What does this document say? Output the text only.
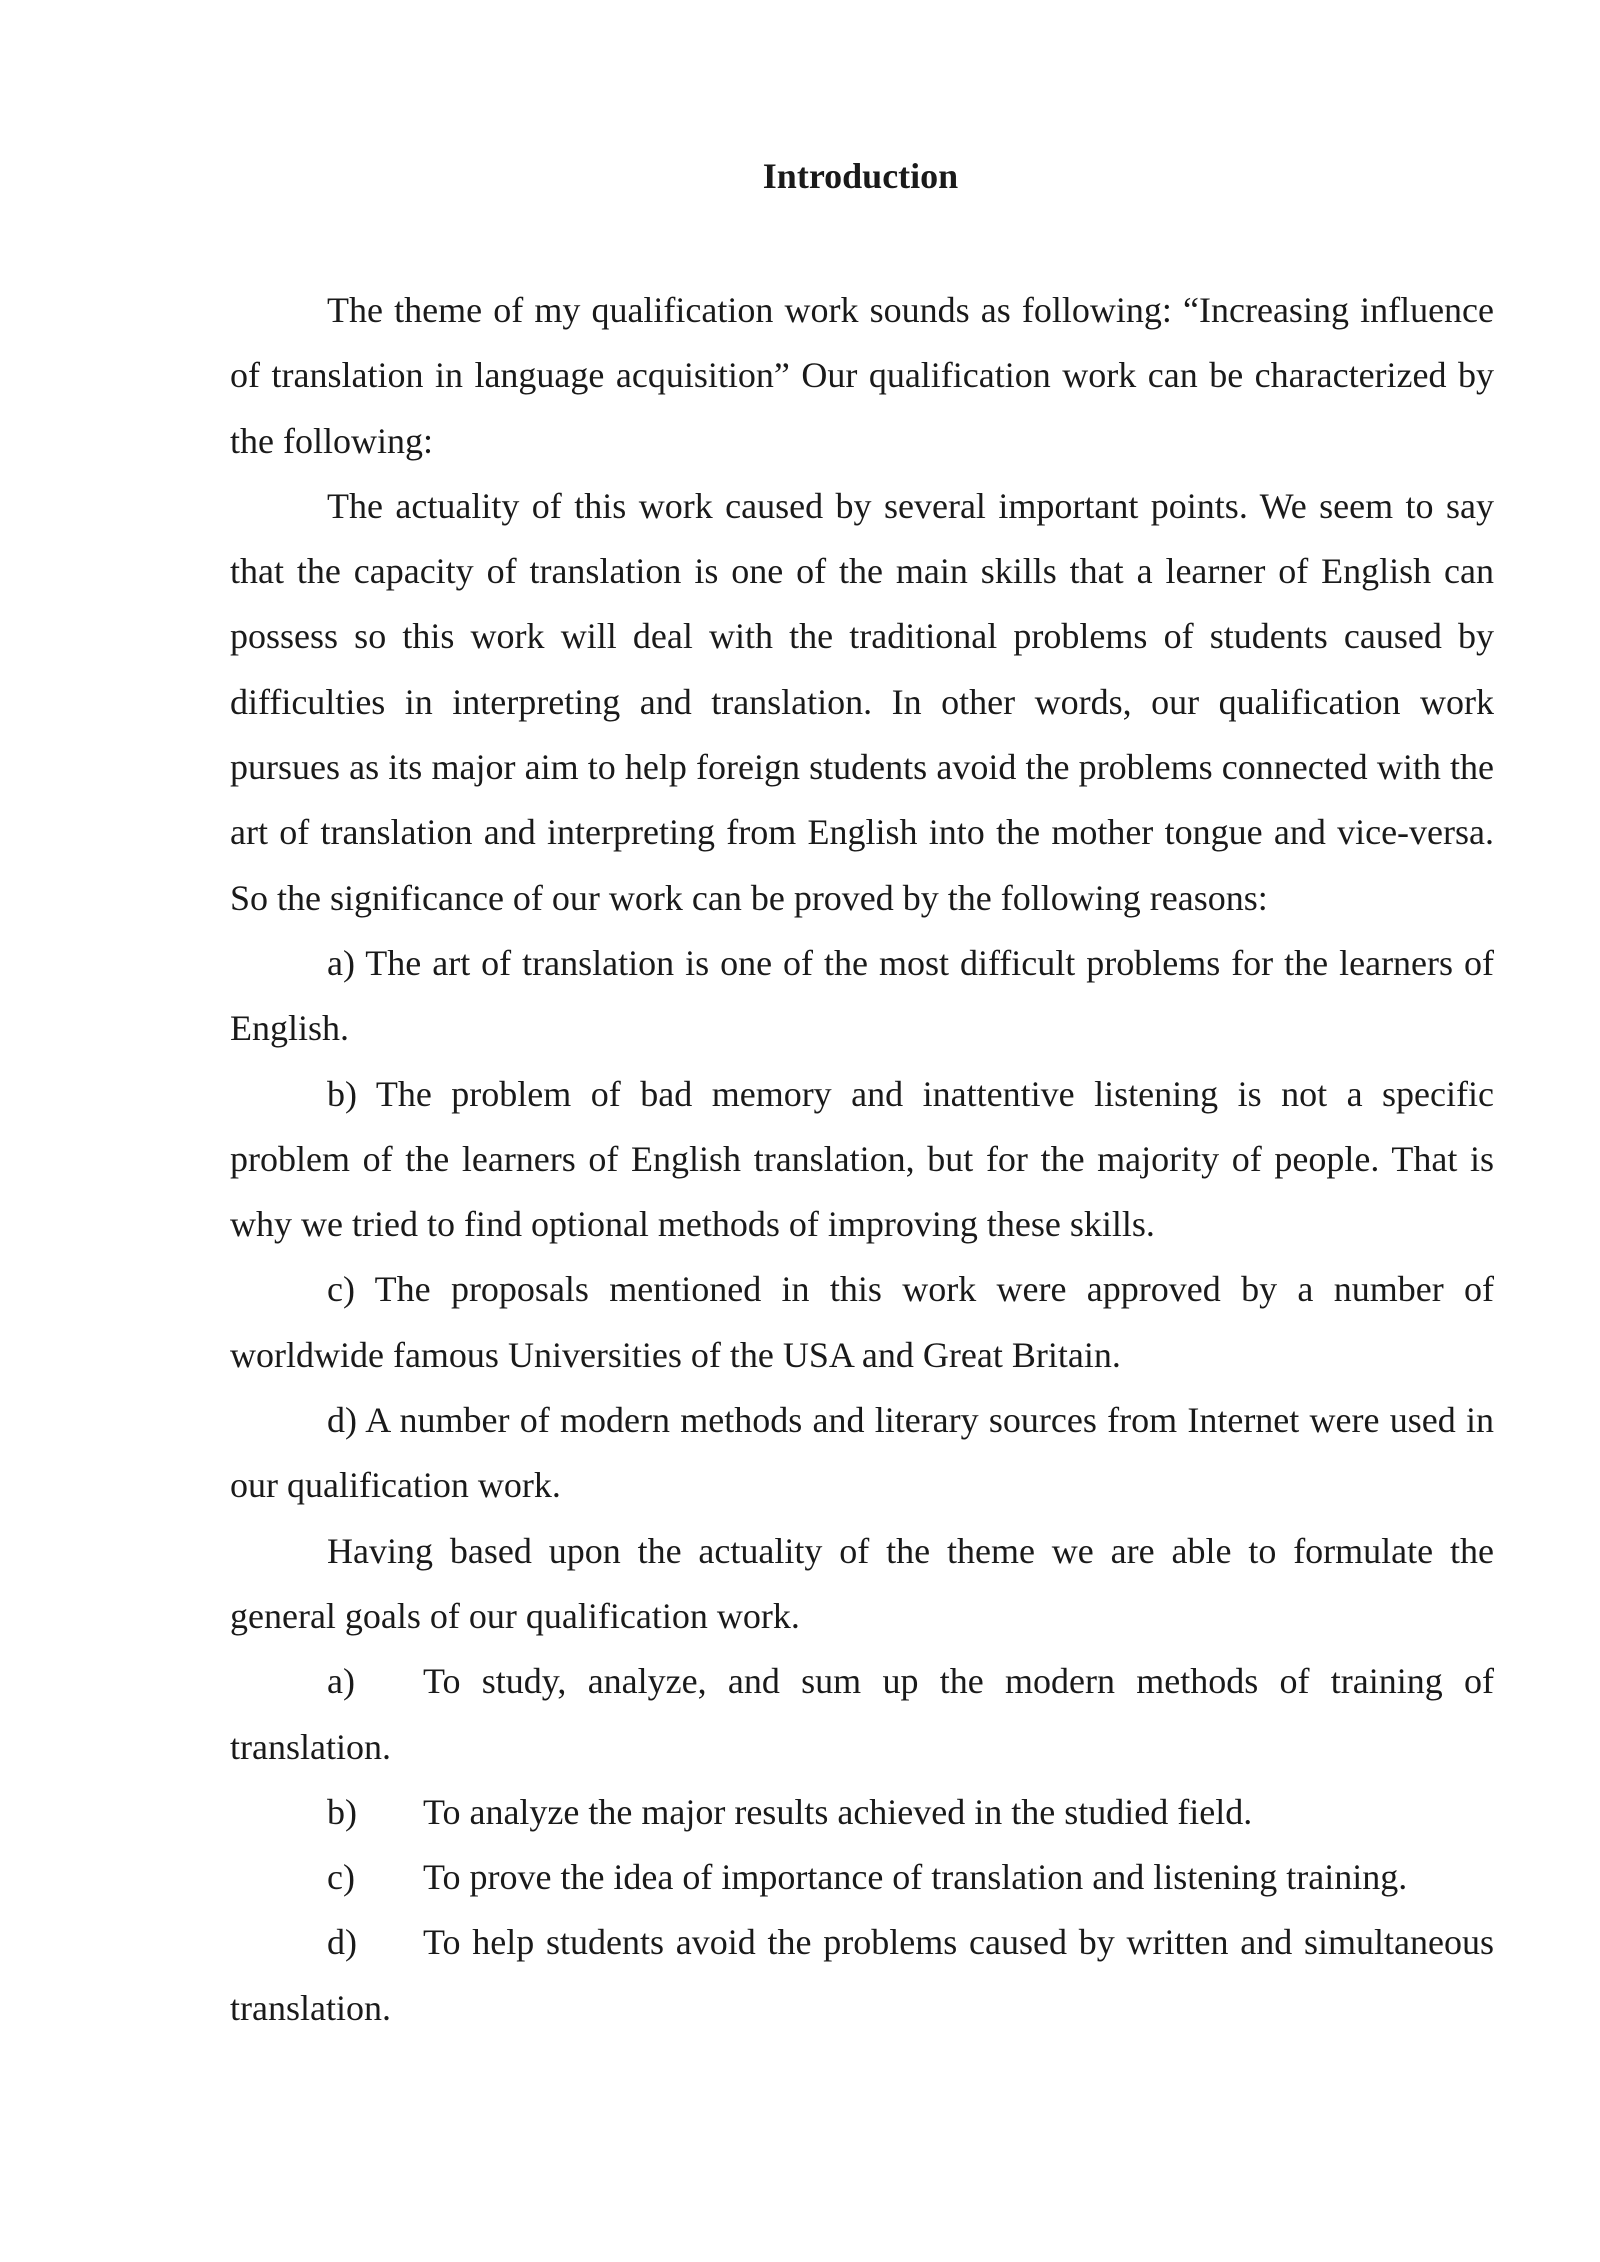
Introduction

The theme of my qualification work sounds as following: “Increasing influence of translation in language acquisition” Our qualification work can be characterized by the following:

The actuality of this work caused by several important points. We seem to say that the capacity of translation is one of the main skills that a learner of English can possess so this work will deal with the traditional problems of students caused by difficulties in interpreting and translation. In other words, our qualification work pursues as its major aim to help foreign students avoid the problems connected with the art of translation and interpreting from English into the mother tongue and vice-versa. So the significance of our work can be proved by the following reasons:

a) The art of translation is one of the most difficult problems for the learners of English.

b) The problem of bad memory and inattentive listening is not a specific problem of the learners of English translation, but for the majority of people. That is why we tried to find optional methods of improving these skills.

c) The proposals mentioned in this work were approved by a number of worldwide famous Universities of the USA and Great Britain.

d) A number of modern methods and literary sources from Internet were used in our qualification work.

Having based upon the actuality of the theme we are able to formulate the general goals of our qualification work.

a) To study, analyze, and sum up the modern methods of training of translation.

b) To analyze the major results achieved in the studied field.

c) To prove the idea of importance of translation and listening training.

d) To help students avoid the problems caused by written and simultaneous translation.
